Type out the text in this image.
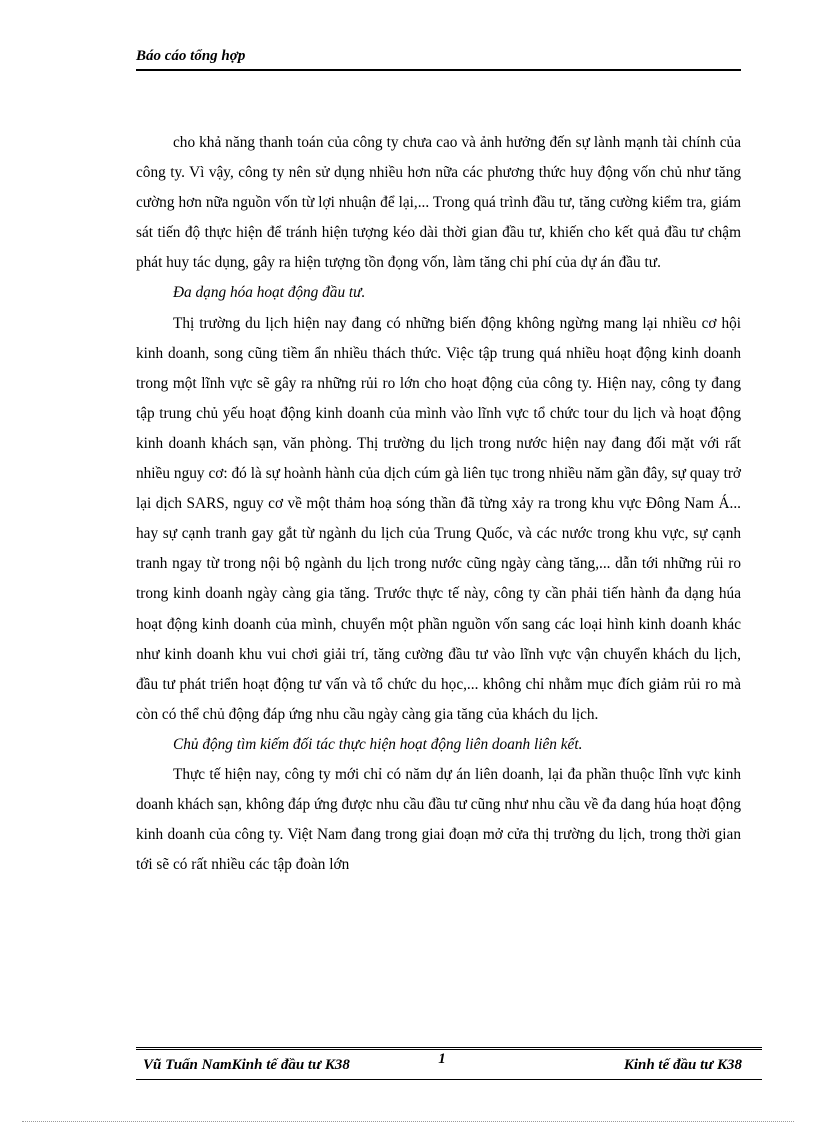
Báo cáo tổng hợp

cho khả năng thanh toán của công ty chưa cao và ảnh hưởng đến sự lành mạnh tài chính của công ty. Vì vậy, công ty nên sử dụng nhiều hơn nữa các phương thức huy động vốn chủ như tăng cường hơn nữa nguồn vốn từ lợi nhuận để lại,... Trong quá trình đầu tư, tăng cường kiểm tra, giám sát tiến độ thực hiện để tránh hiện tượng kéo dài thời gian đầu tư, khiến cho kết quả đầu tư chậm phát huy tác dụng, gây ra hiện tượng tồn đọng vốn, làm tăng chi phí của dự án đầu tư.

Đa dạng hóa hoạt động đầu tư.

Thị trường du lịch hiện nay đang có những biến động không ngừng mang lại nhiều cơ hội kinh doanh, song cũng tiềm ẩn nhiều thách thức. Việc tập trung quá nhiều hoạt động kinh doanh trong một lĩnh vực sẽ gây ra những rủi ro lớn cho hoạt động của công ty. Hiện nay, công ty đang tập trung chủ yếu hoạt động kinh doanh của mình vào lĩnh vực tổ chức tour du lịch và hoạt động kinh doanh khách sạn, văn phòng. Thị trường du lịch trong nước hiện nay đang đối mặt với rất nhiều nguy cơ: đó là sự hoành hành của dịch cúm gà liên tục trong nhiều năm gần đây, sự quay trở lại dịch SARS, nguy cơ về một thảm hoạ sóng thần đã từng xảy ra trong khu vực Đông Nam Á... hay sự cạnh tranh gay gắt từ ngành du lịch của Trung Quốc, và các nước trong khu vực, sự cạnh tranh ngay từ trong nội bộ ngành du lịch trong nước cũng ngày càng tăng,... dẫn tới những rủi ro trong kinh doanh ngày càng gia tăng. Trước thực tế này, công ty cần phải tiến hành đa dạng húa hoạt động kinh doanh của mình, chuyển một phần nguồn vốn sang các loại hình kinh doanh khác như kinh doanh khu vui chơi giải trí, tăng cường đầu tư vào lĩnh vực vận chuyển khách du lịch, đầu tư phát triển hoạt động tư vấn và tổ chức du học,... không chỉ nhằm mục đích giảm rủi ro mà còn có thể chủ động đáp ứng nhu cầu ngày càng gia tăng của khách du lịch.

Chủ động tìm kiếm đối tác thực hiện hoạt động liên doanh liên kết.

Thực tế hiện nay, công ty mới chỉ có năm dự án liên doanh, lại đa phần thuộc lĩnh vực kinh doanh khách sạn, không đáp ứng được nhu cầu đầu tư cũng như nhu cầu về đa dang húa hoạt động kinh doanh của công ty. Việt Nam đang trong giai đoạn mở cửa thị trường du lịch, trong thời gian tới sẽ có rất nhiều các tập đoàn lớn

Vũ Tuấn NamKinh tế đầu tư K38	1	Kinh tế đầu tư K38
